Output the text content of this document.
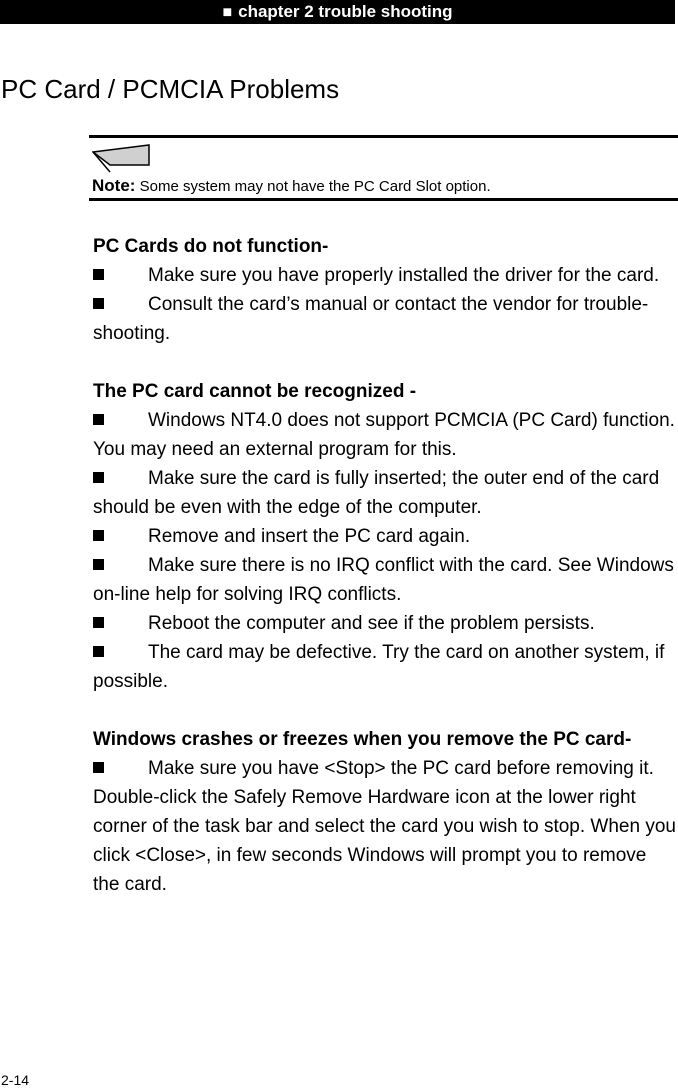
■ chapter 2 trouble shooting
PC Card / PCMCIA Problems
Note: Some system may not have the PC Card Slot option.
PC Cards do not function-
Make sure you have properly installed the driver for the card.
Consult the card’s manual or contact the vendor for trouble-shooting.
The PC card cannot be recognized -
Windows NT4.0 does not support PCMCIA (PC Card) function. You may need an external program for this.
Make sure the card is fully inserted; the outer end of the card should be even with the edge of the computer.
Remove and insert the PC card again.
Make sure there is no IRQ conflict with the card. See Windows on-line help for solving IRQ conflicts.
Reboot the computer and see if the problem persists.
The card may be defective. Try the card on another system, if possible.
Windows crashes or freezes when you remove the PC card-
Make sure you have <Stop> the PC card before removing it. Double-click the Safely Remove Hardware icon at the lower right corner of the task bar and select the card you wish to stop. When you click <Close>, in few seconds Windows will prompt you to remove the card.
2-14
